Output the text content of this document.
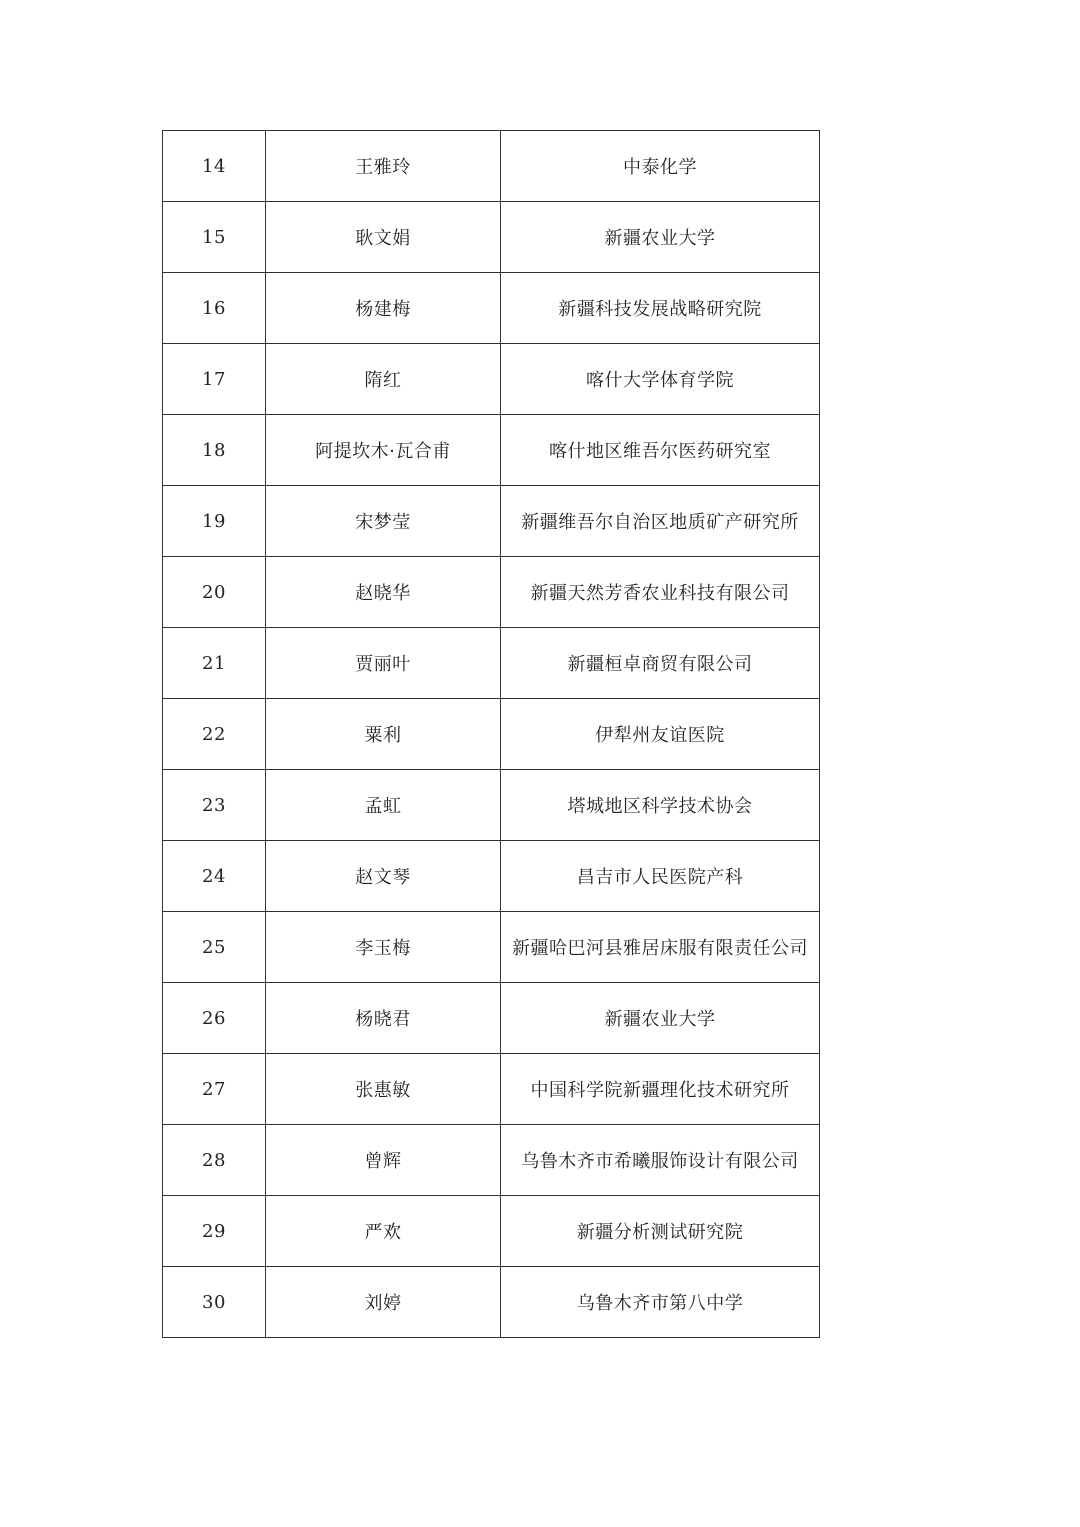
14	王雅玲	中泰化学
15	耿文娟	新疆农业大学
16	杨建梅	新疆科技发展战略研究院
17	隋红	喀什大学体育学院
18	阿提坎木·瓦合甫	喀什地区维吾尔医药研究室
19	宋梦莹	新疆维吾尔自治区地质矿产研究所
20	赵晓华	新疆天然芳香农业科技有限公司
21	贾丽叶	新疆桓卓商贸有限公司
22	粟利	伊犁州友谊医院
23	孟虹	塔城地区科学技术协会
24	赵文琴	昌吉市人民医院产科
25	李玉梅	新疆哈巴河县雅居床服有限责任公司
26	杨晓君	新疆农业大学
27	张惠敏	中国科学院新疆理化技术研究所
28	曾辉	乌鲁木齐市希曦服饰设计有限公司
29	严欢	新疆分析测试研究院
30	刘婷	乌鲁木齐市第八中学
